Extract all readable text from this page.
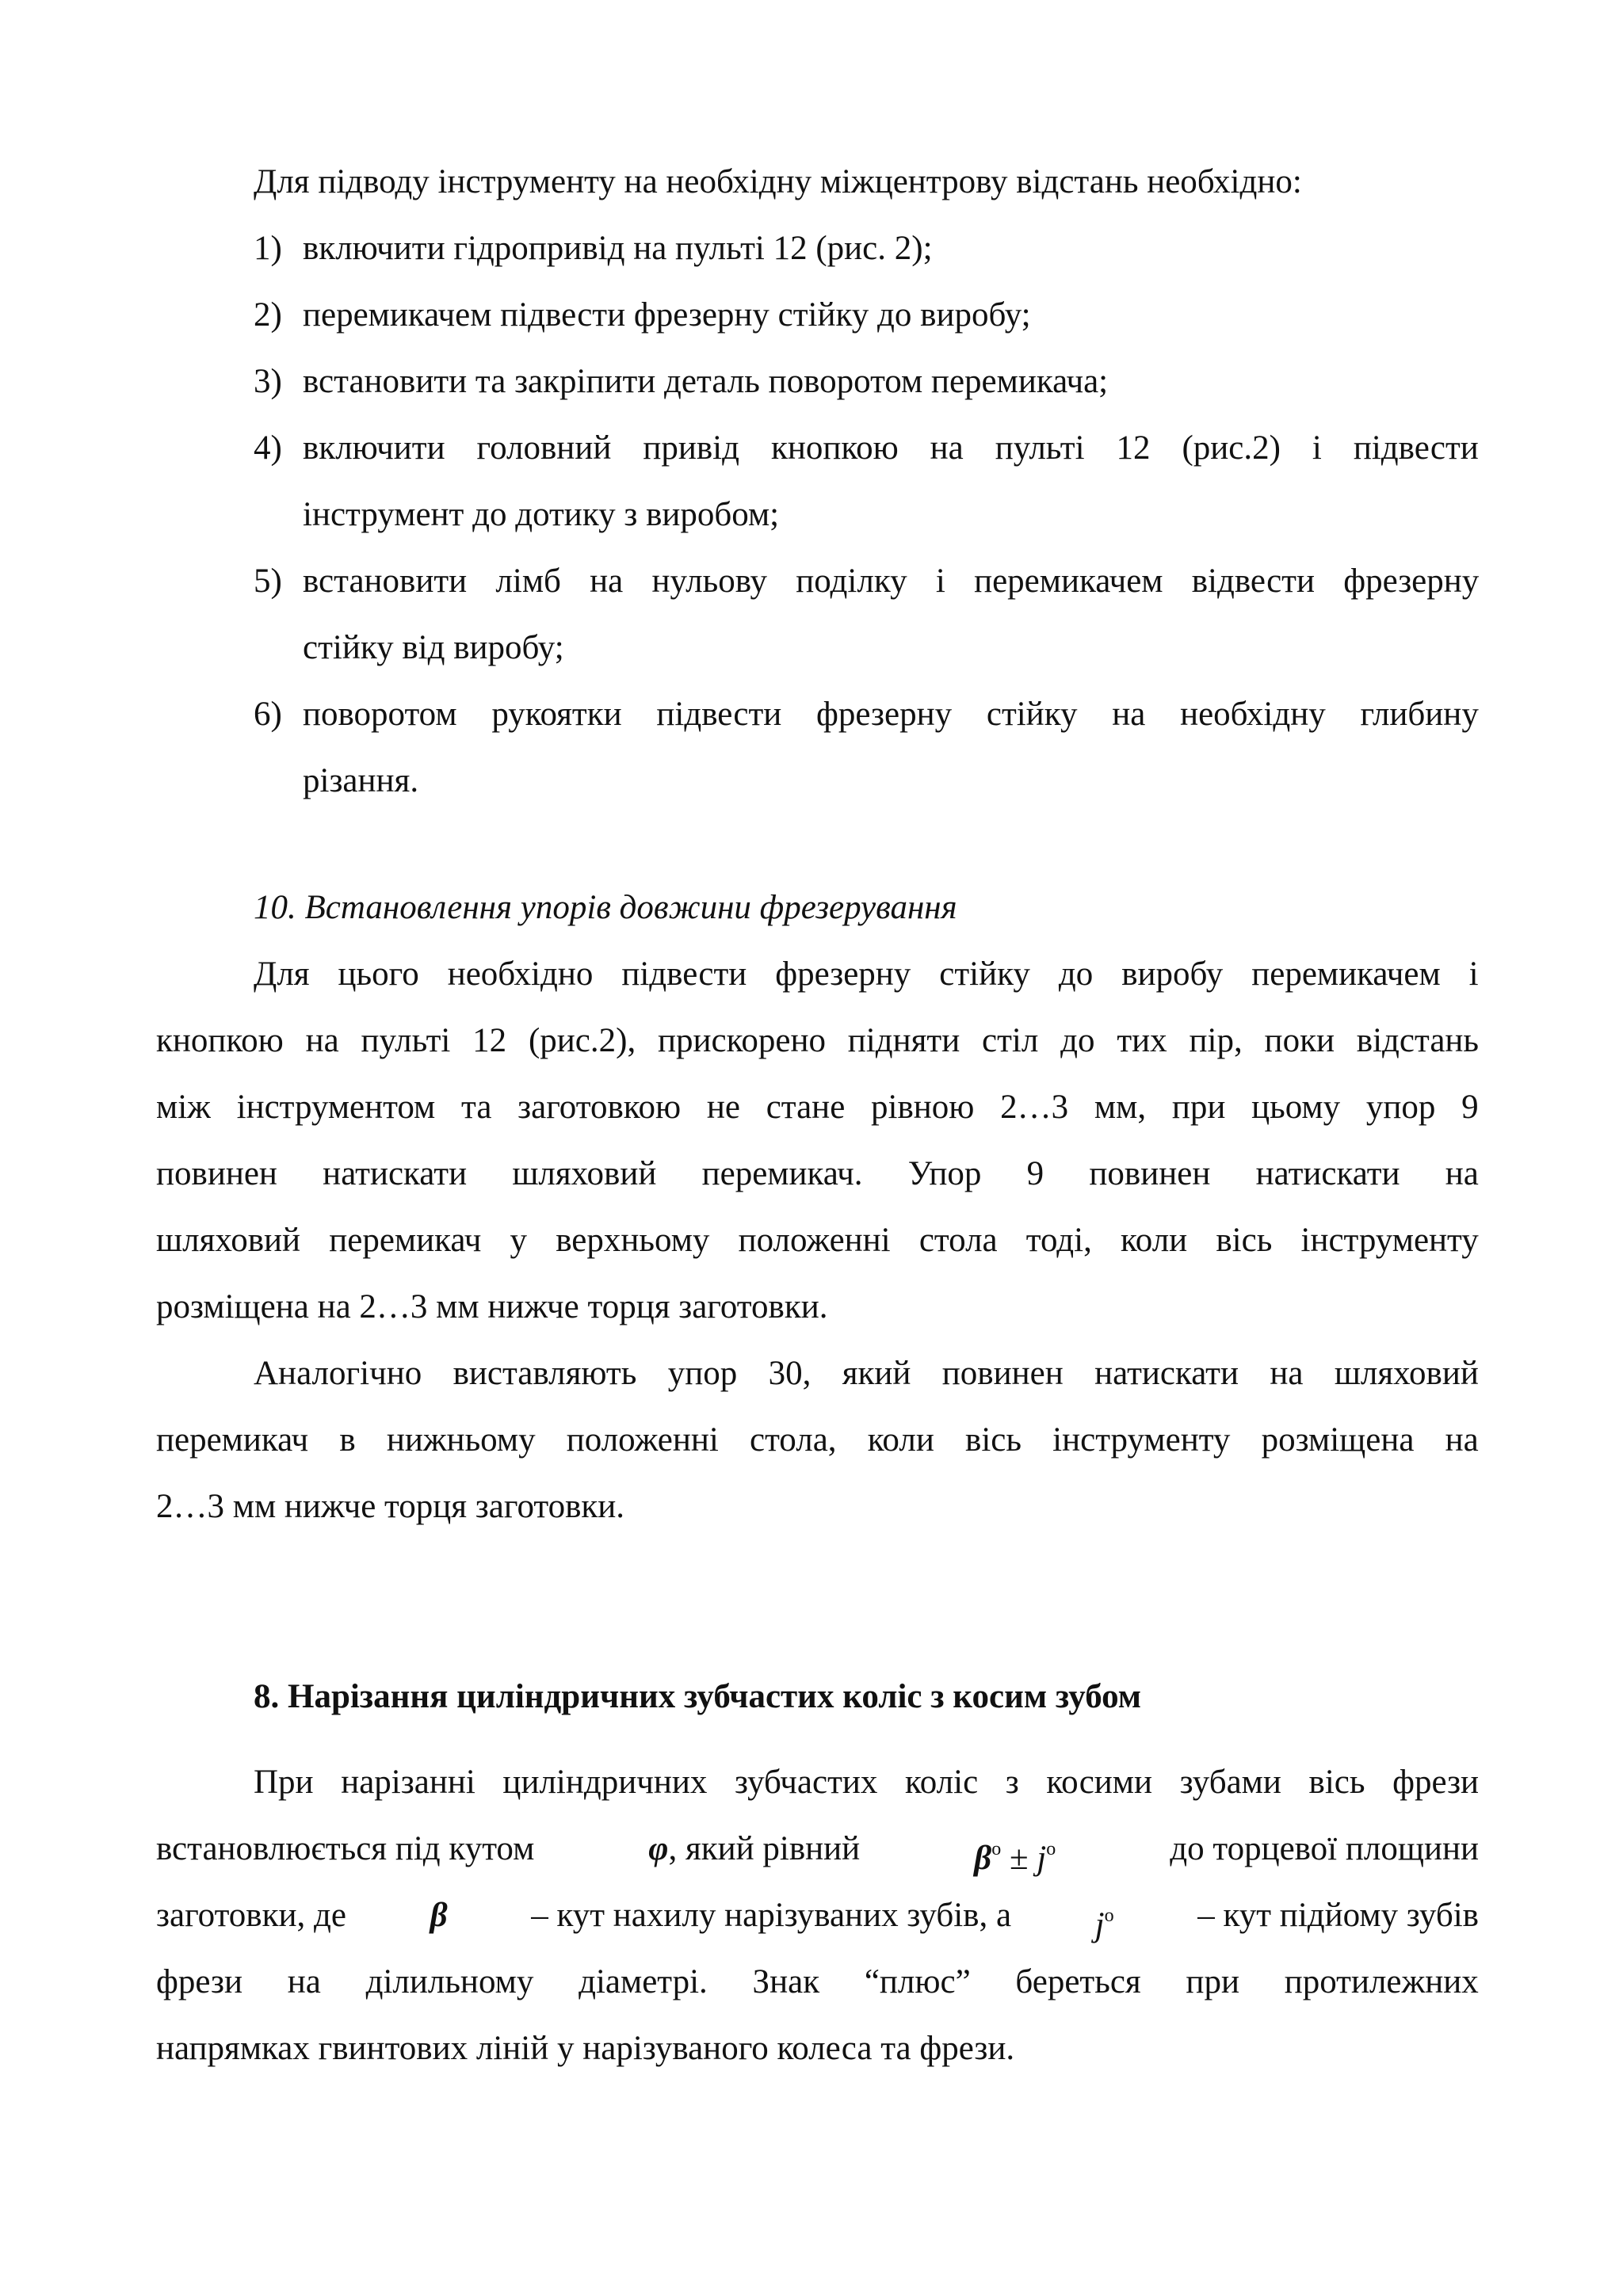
Для підводу інструменту на необхідну міжцентрову відстань необхідно:
1) включити гідропривід на пульті 12 (рис. 2);
2) перемикачем підвести фрезерну стійку до виробу;
3) встановити та закріпити деталь поворотом перемикача;
4) включити головний привід кнопкою на пульті 12 (рис.2) і підвести
інструмент до дотику з виробом;
5) встановити лімб на нульову поділку і перемикачем відвести фрезерну
стійку від виробу;
6) поворотом рукоятки підвести фрезерну стійку на необхідну глибину
різання.
10. Встановлення упорів довжини фрезерування
Для цього необхідно підвести фрезерну стійку до виробу перемикачем і
кнопкою на пульті 12 (рис.2), прискорено підняти стіл до тих пір, поки відстань
між інструментом та заготовкою не стане рівною 2…3 мм, при цьому упор 9
повинен натискати шляховий перемикач. Упор 9 повинен натискати на
шляховий перемикач у верхньому положенні стола тоді, коли вісь інструменту
розміщена на 2…3 мм нижче торця заготовки.
Аналогічно виставляють упор 30, який повинен натискати на шляховий
перемикач в нижньому положенні стола, коли вісь інструменту розміщена на
2…3 мм нижче торця заготовки.
8. Нарізання циліндричних зубчастих коліс з косим зубом
При нарізанні циліндричних зубчастих коліс з косими зубами вісь фрези
встановлюється під кутом	φ, який рівний	$\beta^o \pm j^o$	до торцевої площини
заготовки, де β – кут нахилу нарізуваних зубів, а $j^o$ – кут підйому зубів
фрези на ділильному діаметрі. Знак “плюс” береться при протилежних
напрямках гвинтових ліній у нарізуваного колеса та фрези.
